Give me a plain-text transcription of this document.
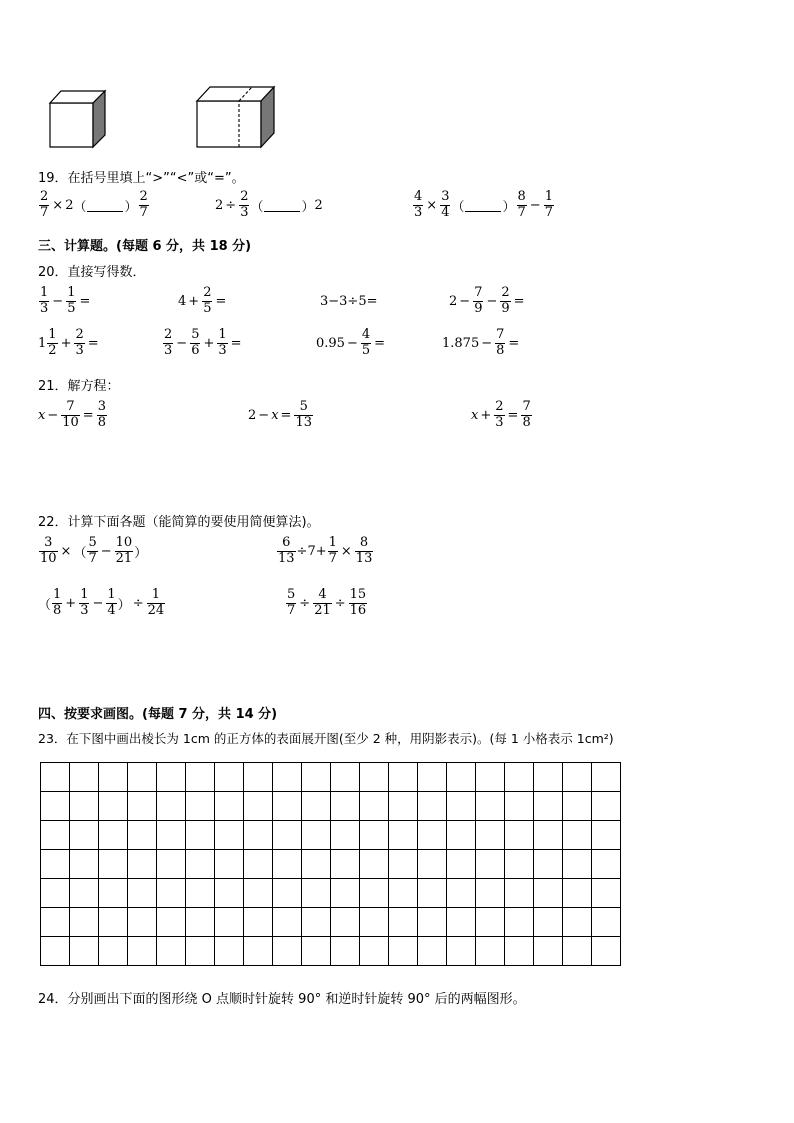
19．在括号里填上“>”“<”或“=”。
$\frac{2}{7} \times 2$ （	） $\frac{2}{7}$	$2 \div \frac{2}{3}$ （	） 2	$\frac{4}{3} \times \frac{3}{4}$ （	） $\frac{8}{7} - \frac{1}{7}$
三、计算题。(每题 6 分，共 18 分)
20．直接写得数．
$\frac{1}{3} - \frac{1}{5}$ =	$4 + \frac{2}{5}$ =	3−3÷5=	$2 - \frac{7}{9} - \frac{2}{9}$ =
$1 \frac{1}{2} + \frac{2}{3}$ =	$\frac{2}{3} - \frac{5}{6} + \frac{1}{3}$ =	$0.95 - \frac{4}{5}$ =	$1.875 - \frac{7}{8}$ =
21．解方程：
$x - \frac{7}{10} = \frac{3}{8}$	$2 - x = \frac{5}{13}$	$x + \frac{2}{3} = \frac{7}{8}$
22．计算下面各题（能简算的要使用简便算法)。
$\frac{3}{10}$ × （ $\frac{5}{7} - \frac{10}{21}$ ）	$\frac{6}{13} \div 7+ \frac{1}{7} \times \frac{8}{13}$
（ $\frac{1}{8} + \frac{1}{3} - \frac{1}{4}$ ） ÷ $\frac{1}{24}$	$\frac{5}{7} \div \frac{4}{21} \div \frac{15}{16}$
四、按要求画图。(每题 7 分，共 14 分)
23．在下图中画出棱长为 1cm 的正方体的表面展开图(至少 2 种，用阴影表示)。(每 1 小格表示 1cm²)

24．分别画出下面的图形绕 O 点顺时针旋转 90° 和逆时针旋转 90° 后的两幅图形。
